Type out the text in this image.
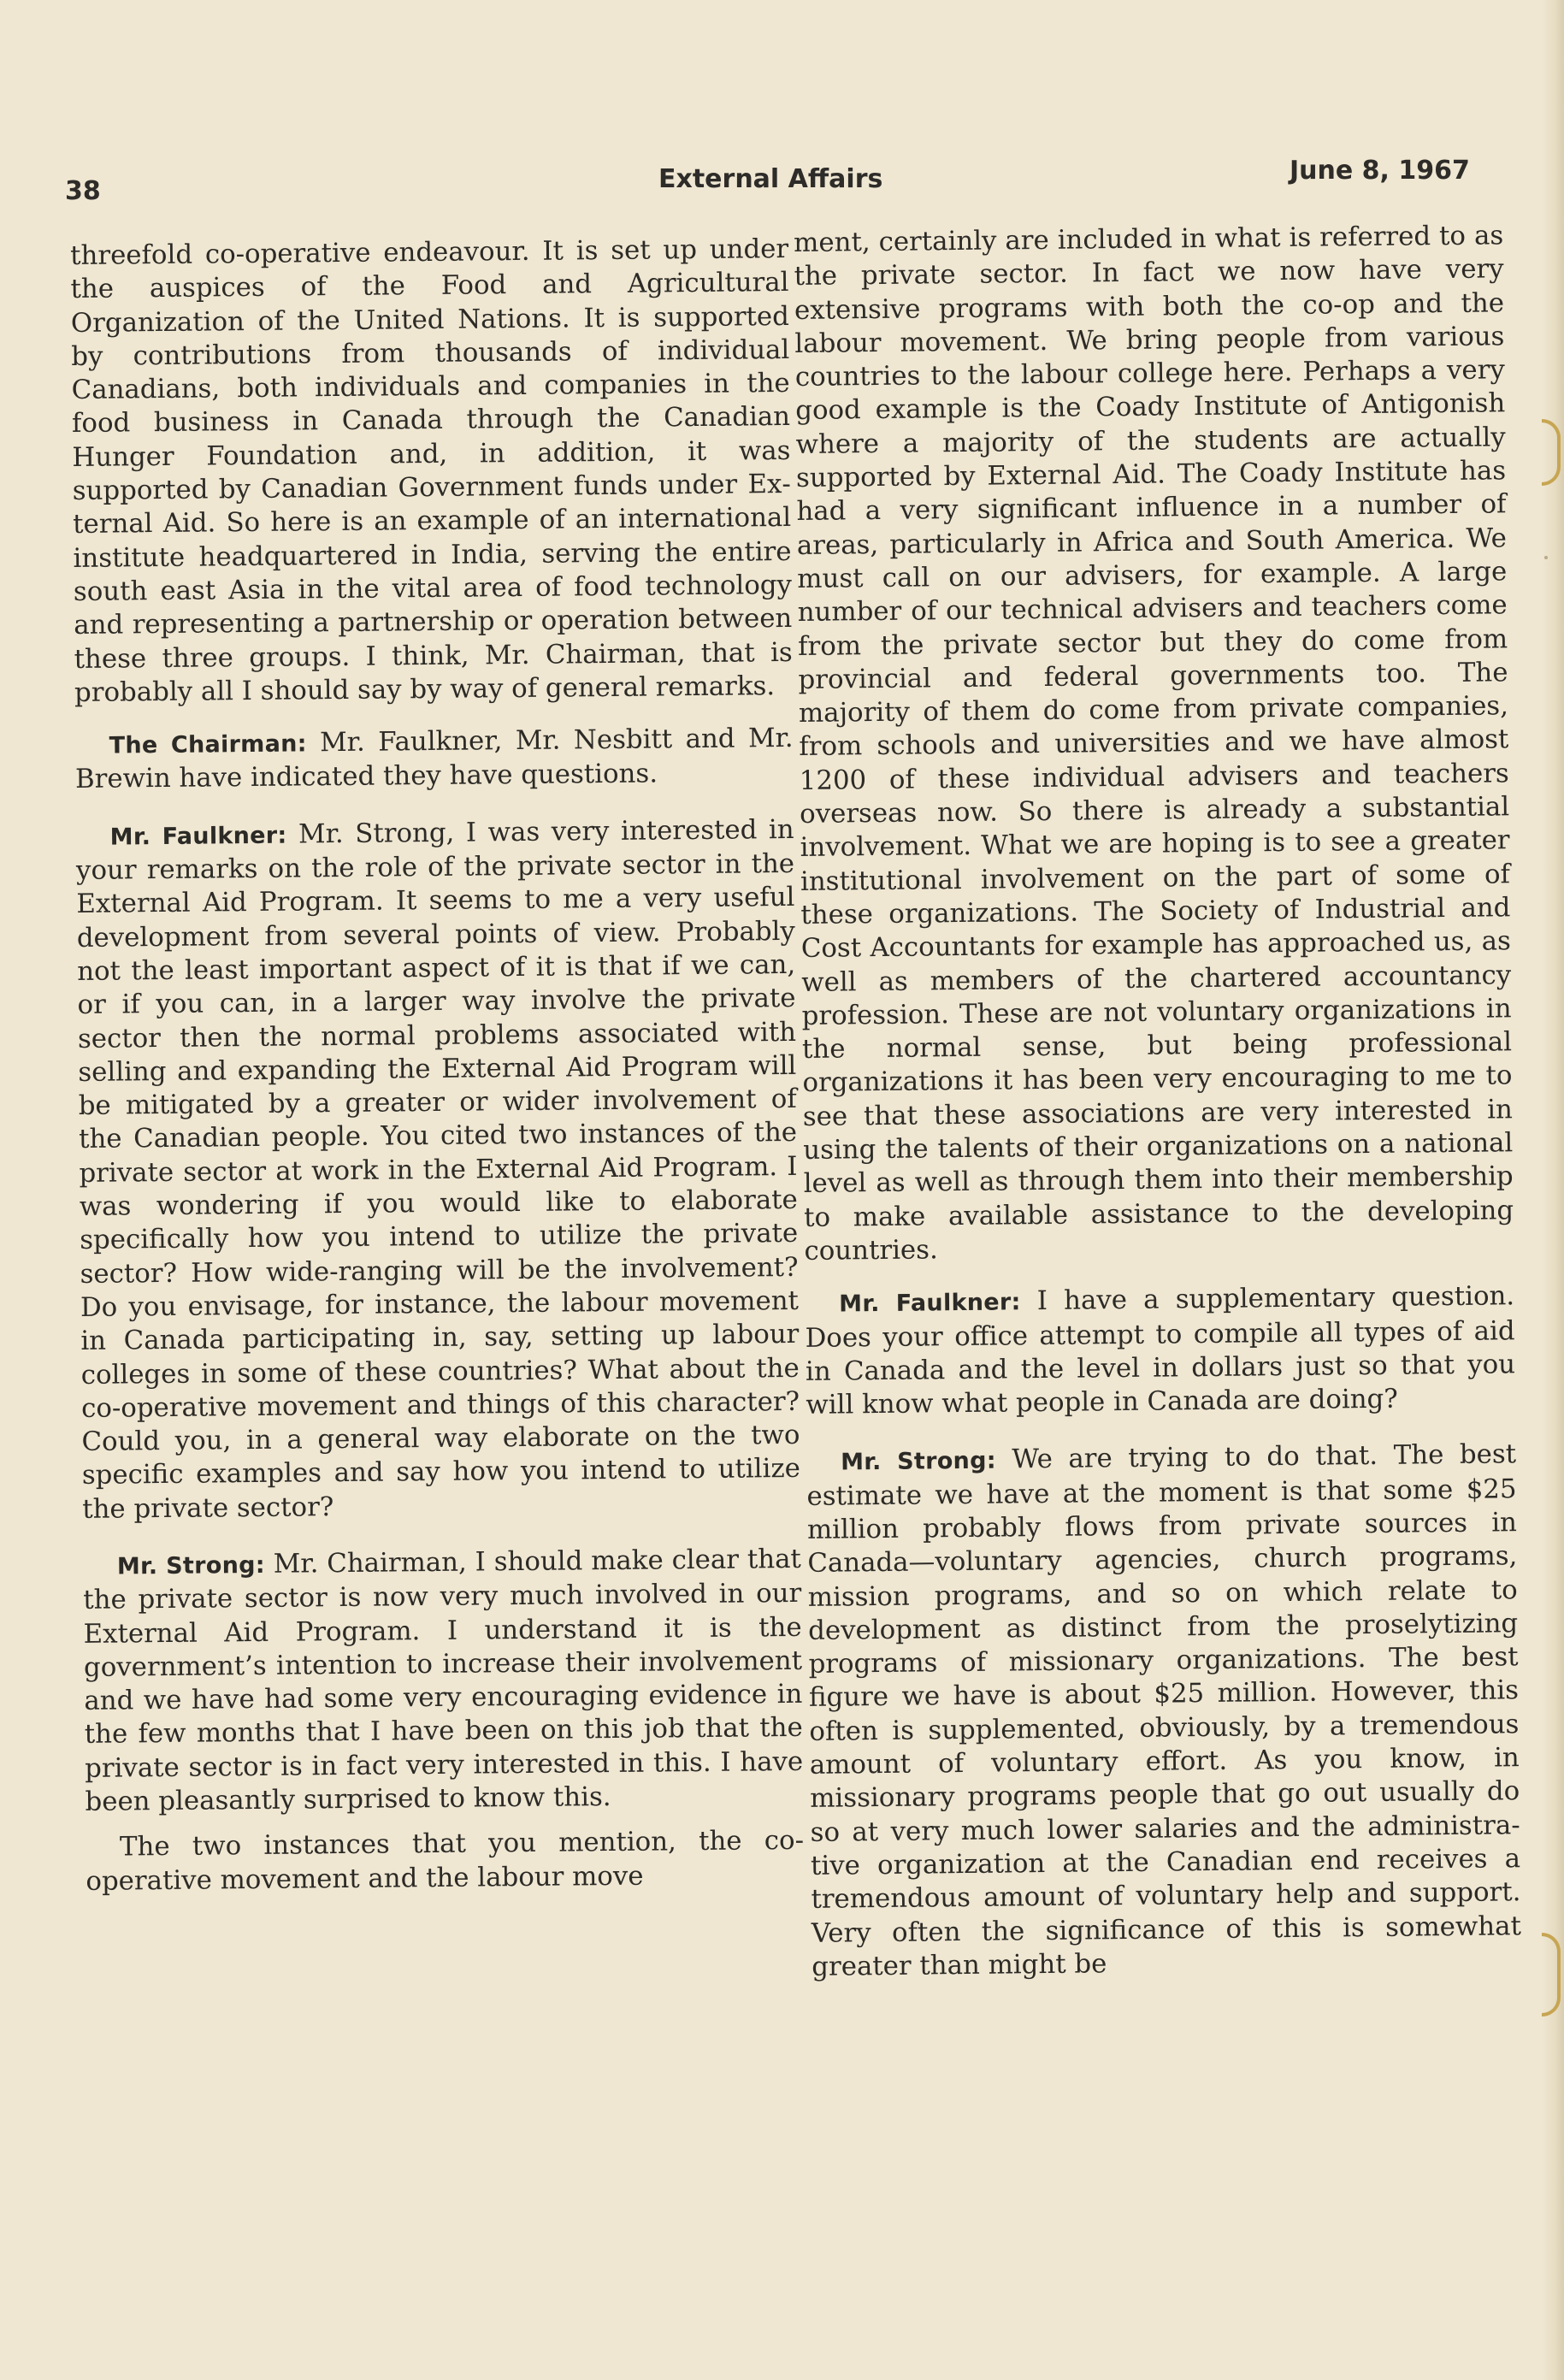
38	External Affairs	June 8, 1967

threefold co-operative endeavour. It is set up under the auspices of the Food and Agricultural Organization of the United Nations. It is supported by contributions from thousands of individual Canadians, both individuals and companies in the food business in Canada through the Canadian Hunger Foundation and, in addition, it was supported by Canadian Government funds under External Aid. So here is an example of an international institute headquartered in India, serving the entire south east Asia in the vital area of food technology and representing a partnership or operation between these three groups. I think, Mr. Chairman, that is probably all I should say by way of general remarks.

The Chairman: Mr. Faulkner, Mr. Nesbitt and Mr. Brewin have indicated they have questions.

Mr. Faulkner: Mr. Strong, I was very interested in your remarks on the role of the private sector in the External Aid Program. It seems to me a very useful development from several points of view. Probably not the least important aspect of it is that if we can, or if you can, in a larger way involve the private sector then the normal problems associated with selling and expanding the External Aid Program will be mitigated by a greater or wider involvement of the Canadian people. You cited two instances of the private sector at work in the External Aid Program. I was wondering if you would like to elaborate specifically how you intend to utilize the private sector? How wide-ranging will be the involvement? Do you envisage, for instance, the labour movement in Canada participating in, say, setting up labour colleges in some of these countries? What about the co-operative movement and things of this character? Could you, in a general way elaborate on the two specific examples and say how you intend to utilize the private sector?

Mr. Strong: Mr. Chairman, I should make clear that the private sector is now very much involved in our External Aid Program. I understand it is the government’s intention to increase their involvement and we have had some very encouraging evidence in the few months that I have been on this job that the private sector is in fact very interested in this. I have been pleasantly surprised to know this.

The two instances that you mention, the co-operative movement and the labour move

ment, certainly are included in what is referred to as the private sector. In fact we now have very extensive programs with both the co-op and the labour movement. We bring people from various countries to the labour college here. Perhaps a very good example is the Coady Institute of Antigonish where a majority of the students are actually supported by External Aid. The Coady Institute has had a very significant influence in a number of areas, particularly in Africa and South America. We must call on our advisers, for example. A large number of our technical advisers and teachers come from the private sector but they do come from provincial and federal governments too. The majority of them do come from private companies, from schools and universities and we have almost 1200 of these individual advisers and teachers overseas now. So there is already a substantial involvement. What we are hoping is to see a greater institutional involvement on the part of some of these organizations. The Society of Industrial and Cost Accountants for example has approached us, as well as members of the chartered accountancy profession. These are not voluntary organizations in the normal sense, but being professional organizations it has been very encouraging to me to see that these associations are very interested in using the talents of their organizations on a national level as well as through them into their membership to make available assistance to the developing countries.

Mr. Faulkner: I have a supplementary question. Does your office attempt to compile all types of aid in Canada and the level in dollars just so that you will know what people in Canada are doing?

Mr. Strong: We are trying to do that. The best estimate we have at the moment is that some $25 million probably flows from private sources in Canada—voluntary agencies, church programs, mission programs, and so on which relate to development as distinct from the proselytizing programs of missionary organizations. The best figure we have is about $25 million. However, this often is supplemented, obviously, by a tremendous amount of voluntary effort. As you know, in missionary programs people that go out usually do so at very much lower salaries and the administrative organization at the Canadian end receives a tremendous amount of voluntary help and support. Very often the significance of this is somewhat greater than might be
